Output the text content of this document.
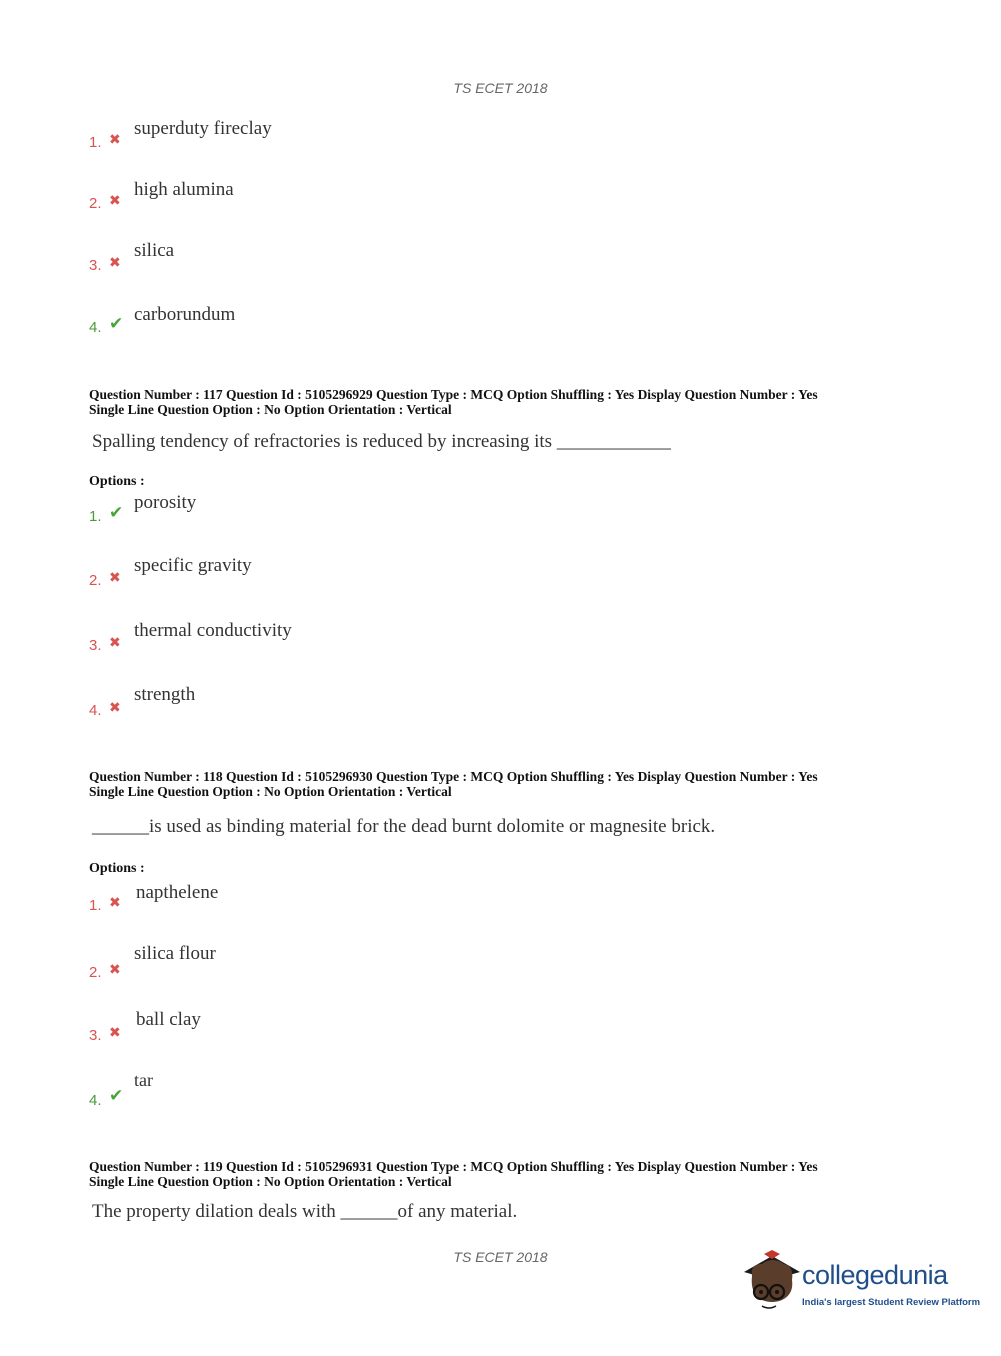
TS ECET 2018
1. ✖
superduty fireclay
2. ✖
high alumina
3. ✖
silica
4. ✔ carborundum
Question Number : 117 Question Id : 5105296929 Question Type : MCQ Option Shuffling : Yes Display Question Number : Yes
Single Line Question Option : No Option Orientation : Vertical
Spalling tendency of refractories is reduced by increasing its ____________
Options :
1. ✔ porosity
2. ✖
specific gravity
3. ✖
thermal conductivity
4. ✖
strength
Question Number : 118 Question Id : 5105296930 Question Type : MCQ Option Shuffling : Yes Display Question Number : Yes
Single Line Question Option : No Option Orientation : Vertical
______is used as binding material for the dead burnt dolomite or magnesite brick.
Options :
1. ✖ napthelene
2. ✖
silica flour
3. ✖
ball clay
4. ✔
tar
Question Number : 119 Question Id : 5105296931 Question Type : MCQ Option Shuffling : Yes Display Question Number : Yes
Single Line Question Option : No Option Orientation : Vertical
The property dilation deals with ______of any material.
TS ECET 2018
collegedunia
India's largest Student Review Platform
